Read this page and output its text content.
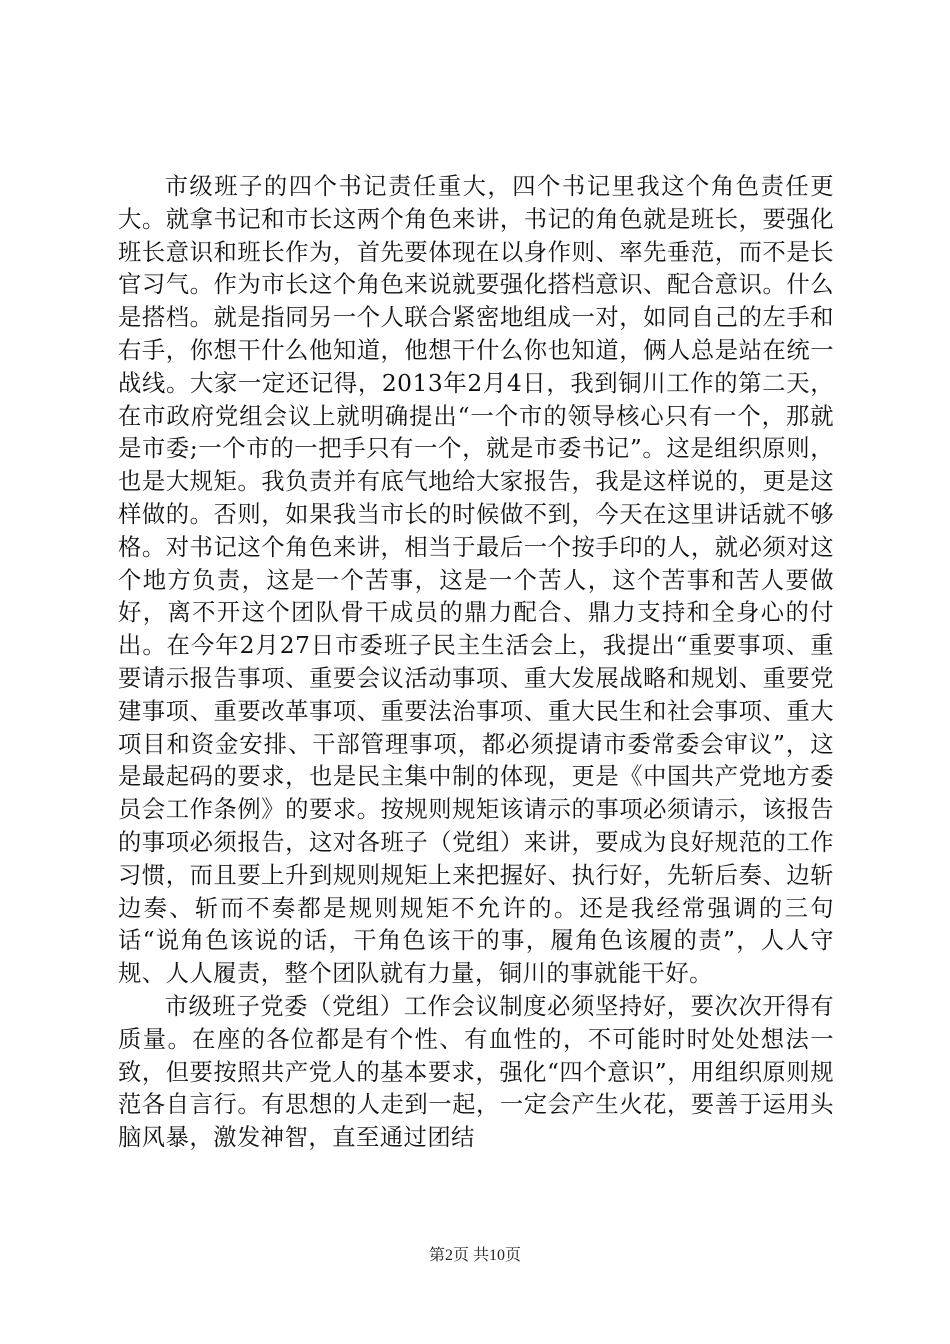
市级班子的四个书记责任重大，四个书记里我这个角色责任更大。就拿书记和市长这两个角色来讲，书记的角色就是班长，要强化班长意识和班长作为，首先要体现在以身作则、率先垂范，而不是长官习气。作为市长这个角色来说就要强化搭档意识、配合意识。什么是搭档。就是指同另一个人联合紧密地组成一对，如同自己的左手和右手，你想干什么他知道，他想干什么你也知道，俩人总是站在统一战线。大家一定还记得，2013年2月4日，我到铜川工作的第二天，在市政府党组会议上就明确提出“一个市的领导核心只有一个，那就是市委;一个市的一把手只有一个，就是市委书记”。这是组织原则，也是大规矩。我负责并有底气地给大家报告，我是这样说的，更是这样做的。否则，如果我当市长的时候做不到，今天在这里讲话就不够格。对书记这个角色来讲，相当于最后一个按手印的人，就必须对这个地方负责，这是一个苦事，这是一个苦人，这个苦事和苦人要做好，离不开这个团队骨干成员的鼎力配合、鼎力支持和全身心的付出。在今年2月27日市委班子民主生活会上，我提出“重要事项、重要请示报告事项、重要会议活动事项、重大发展战略和规划、重要党建事项、重要改革事项、重要法治事项、重大民生和社会事项、重大项目和资金安排、干部管理事项，都必须提请市委常委会审议”，这是最起码的要求，也是民主集中制的体现，更是《中国共产党地方委员会工作条例》的要求。按规则规矩该请示的事项必须请示，该报告的事项必须报告，这对各班子（党组）来讲，要成为良好规范的工作习惯，而且要上升到规则规矩上来把握好、执行好，先斩后奏、边斩边奏、斩而不奏都是规则规矩不允许的。还是我经常强调的三句话“说角色该说的话，干角色该干的事，履角色该履的责”，人人守规、人人履责，整个团队就有力量，铜川的事就能干好。

市级班子党委（党组）工作会议制度必须坚持好，要次次开得有质量。在座的各位都是有个性、有血性的，不可能时时处处想法一致，但要按照共产党人的基本要求，强化“四个意识”，用组织原则规范各自言行。有思想的人走到一起，一定会产生火花，要善于运用头脑风暴，激发神智，直至通过团结

第2页 共10页
